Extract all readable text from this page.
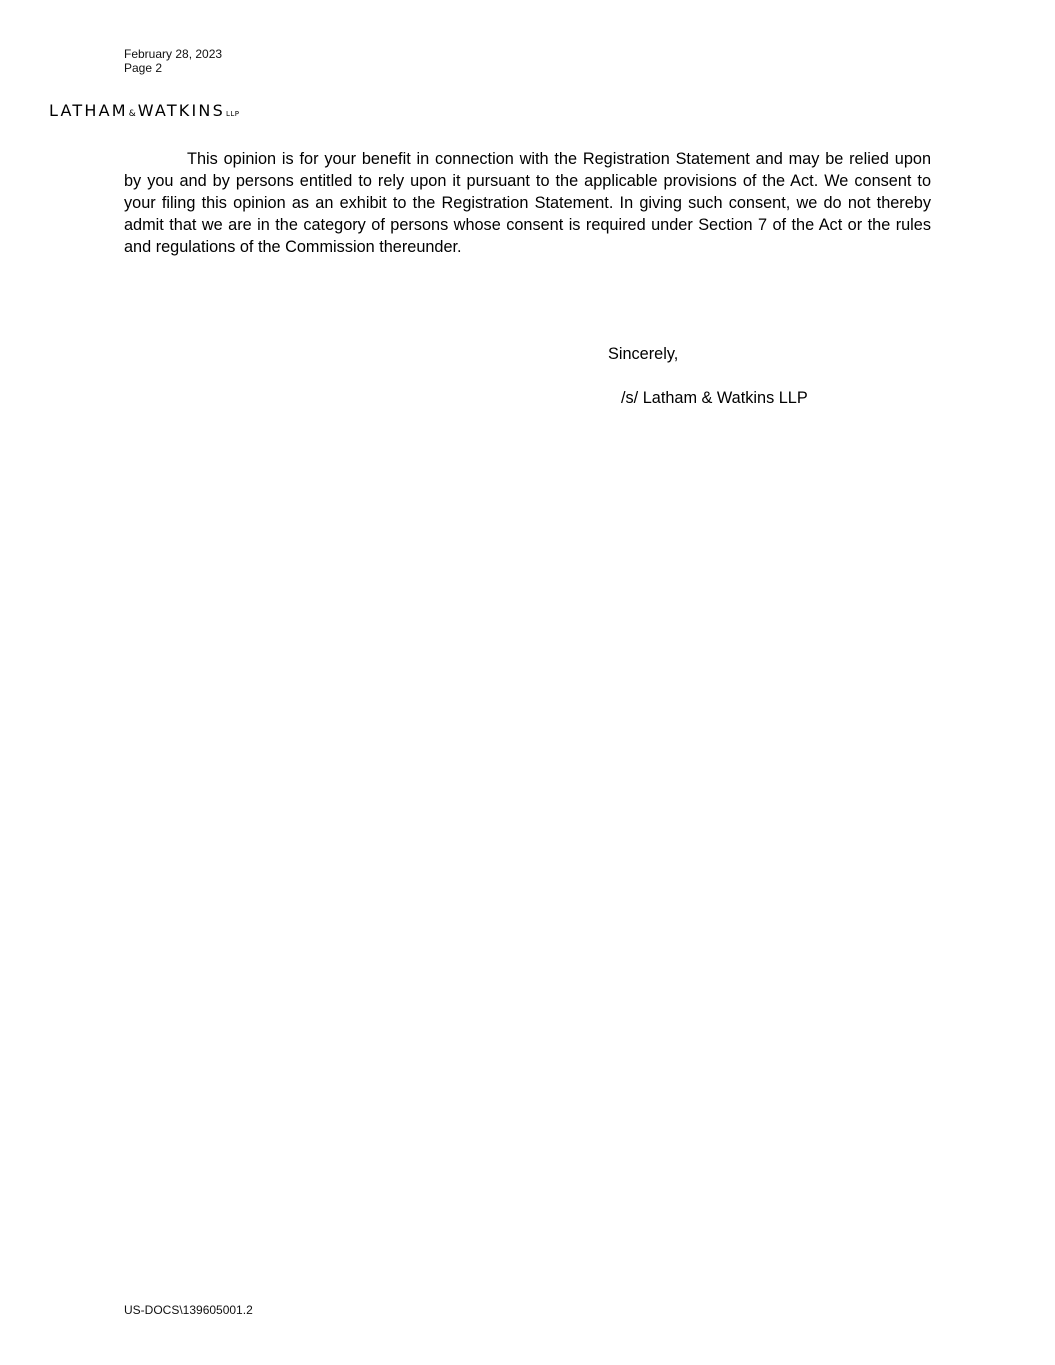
February 28, 2023
Page 2
LATHAM & WATKINS LLP

This opinion is for your benefit in connection with the Registration Statement and may be relied upon by you and by persons entitled to rely upon it pursuant to the applicable provisions of the Act. We consent to your filing this opinion as an exhibit to the Registration Statement. In giving such consent, we do not thereby admit that we are in the category of persons whose consent is required under Section 7 of the Act or the rules and regulations of the Commission thereunder.

Sincerely,
/s/ Latham & Watkins LLP
US-DOCS\139605001.2
